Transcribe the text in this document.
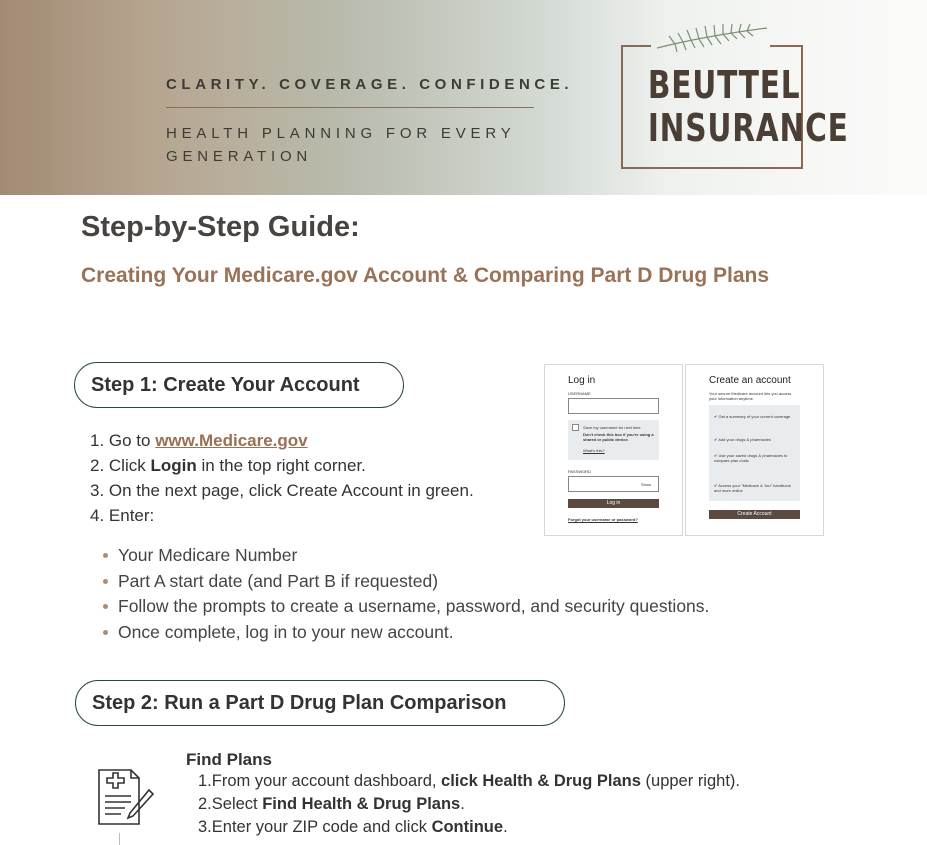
CLARITY. COVERAGE. CONFIDENCE.
HEALTH PLANNING FOR EVERY GENERATION
BEUTTEL
INSURANCE
Step-by-Step Guide:
Creating Your Medicare.gov Account & Comparing Part D Drug Plans
Step 1: Create Your Account
1. Go to www.Medicare.gov
2. Click Login in the top right corner.
3. On the next page, click Create Account in green.
4. Enter:
Your Medicare Number
Part A start date (and Part B if requested)
Follow the prompts to create a username, password, and security questions.
Once complete, log in to your new account.
Log in
USERNAME
Save my username for next time
Don't check this box if you're using a shared or public device.
What's this?
PASSWORD
Show
Log in
Forgot your username or password?
Create an account
Your secure Medicare account lets you access your information anytime.
✔ Get a summary of your current coverage
✔ Add your drugs & pharmacies
✔ Use your saved drugs & pharmacies to compare plan costs
✔ Access your "Medicare & You" handbook and more online
Create Account
Step 2: Run a Part D Drug Plan Comparison
Find Plans
1.From your account dashboard, click Health & Drug Plans (upper right).
2.Select Find Health & Drug Plans.
3.Enter your ZIP code and click Continue.
